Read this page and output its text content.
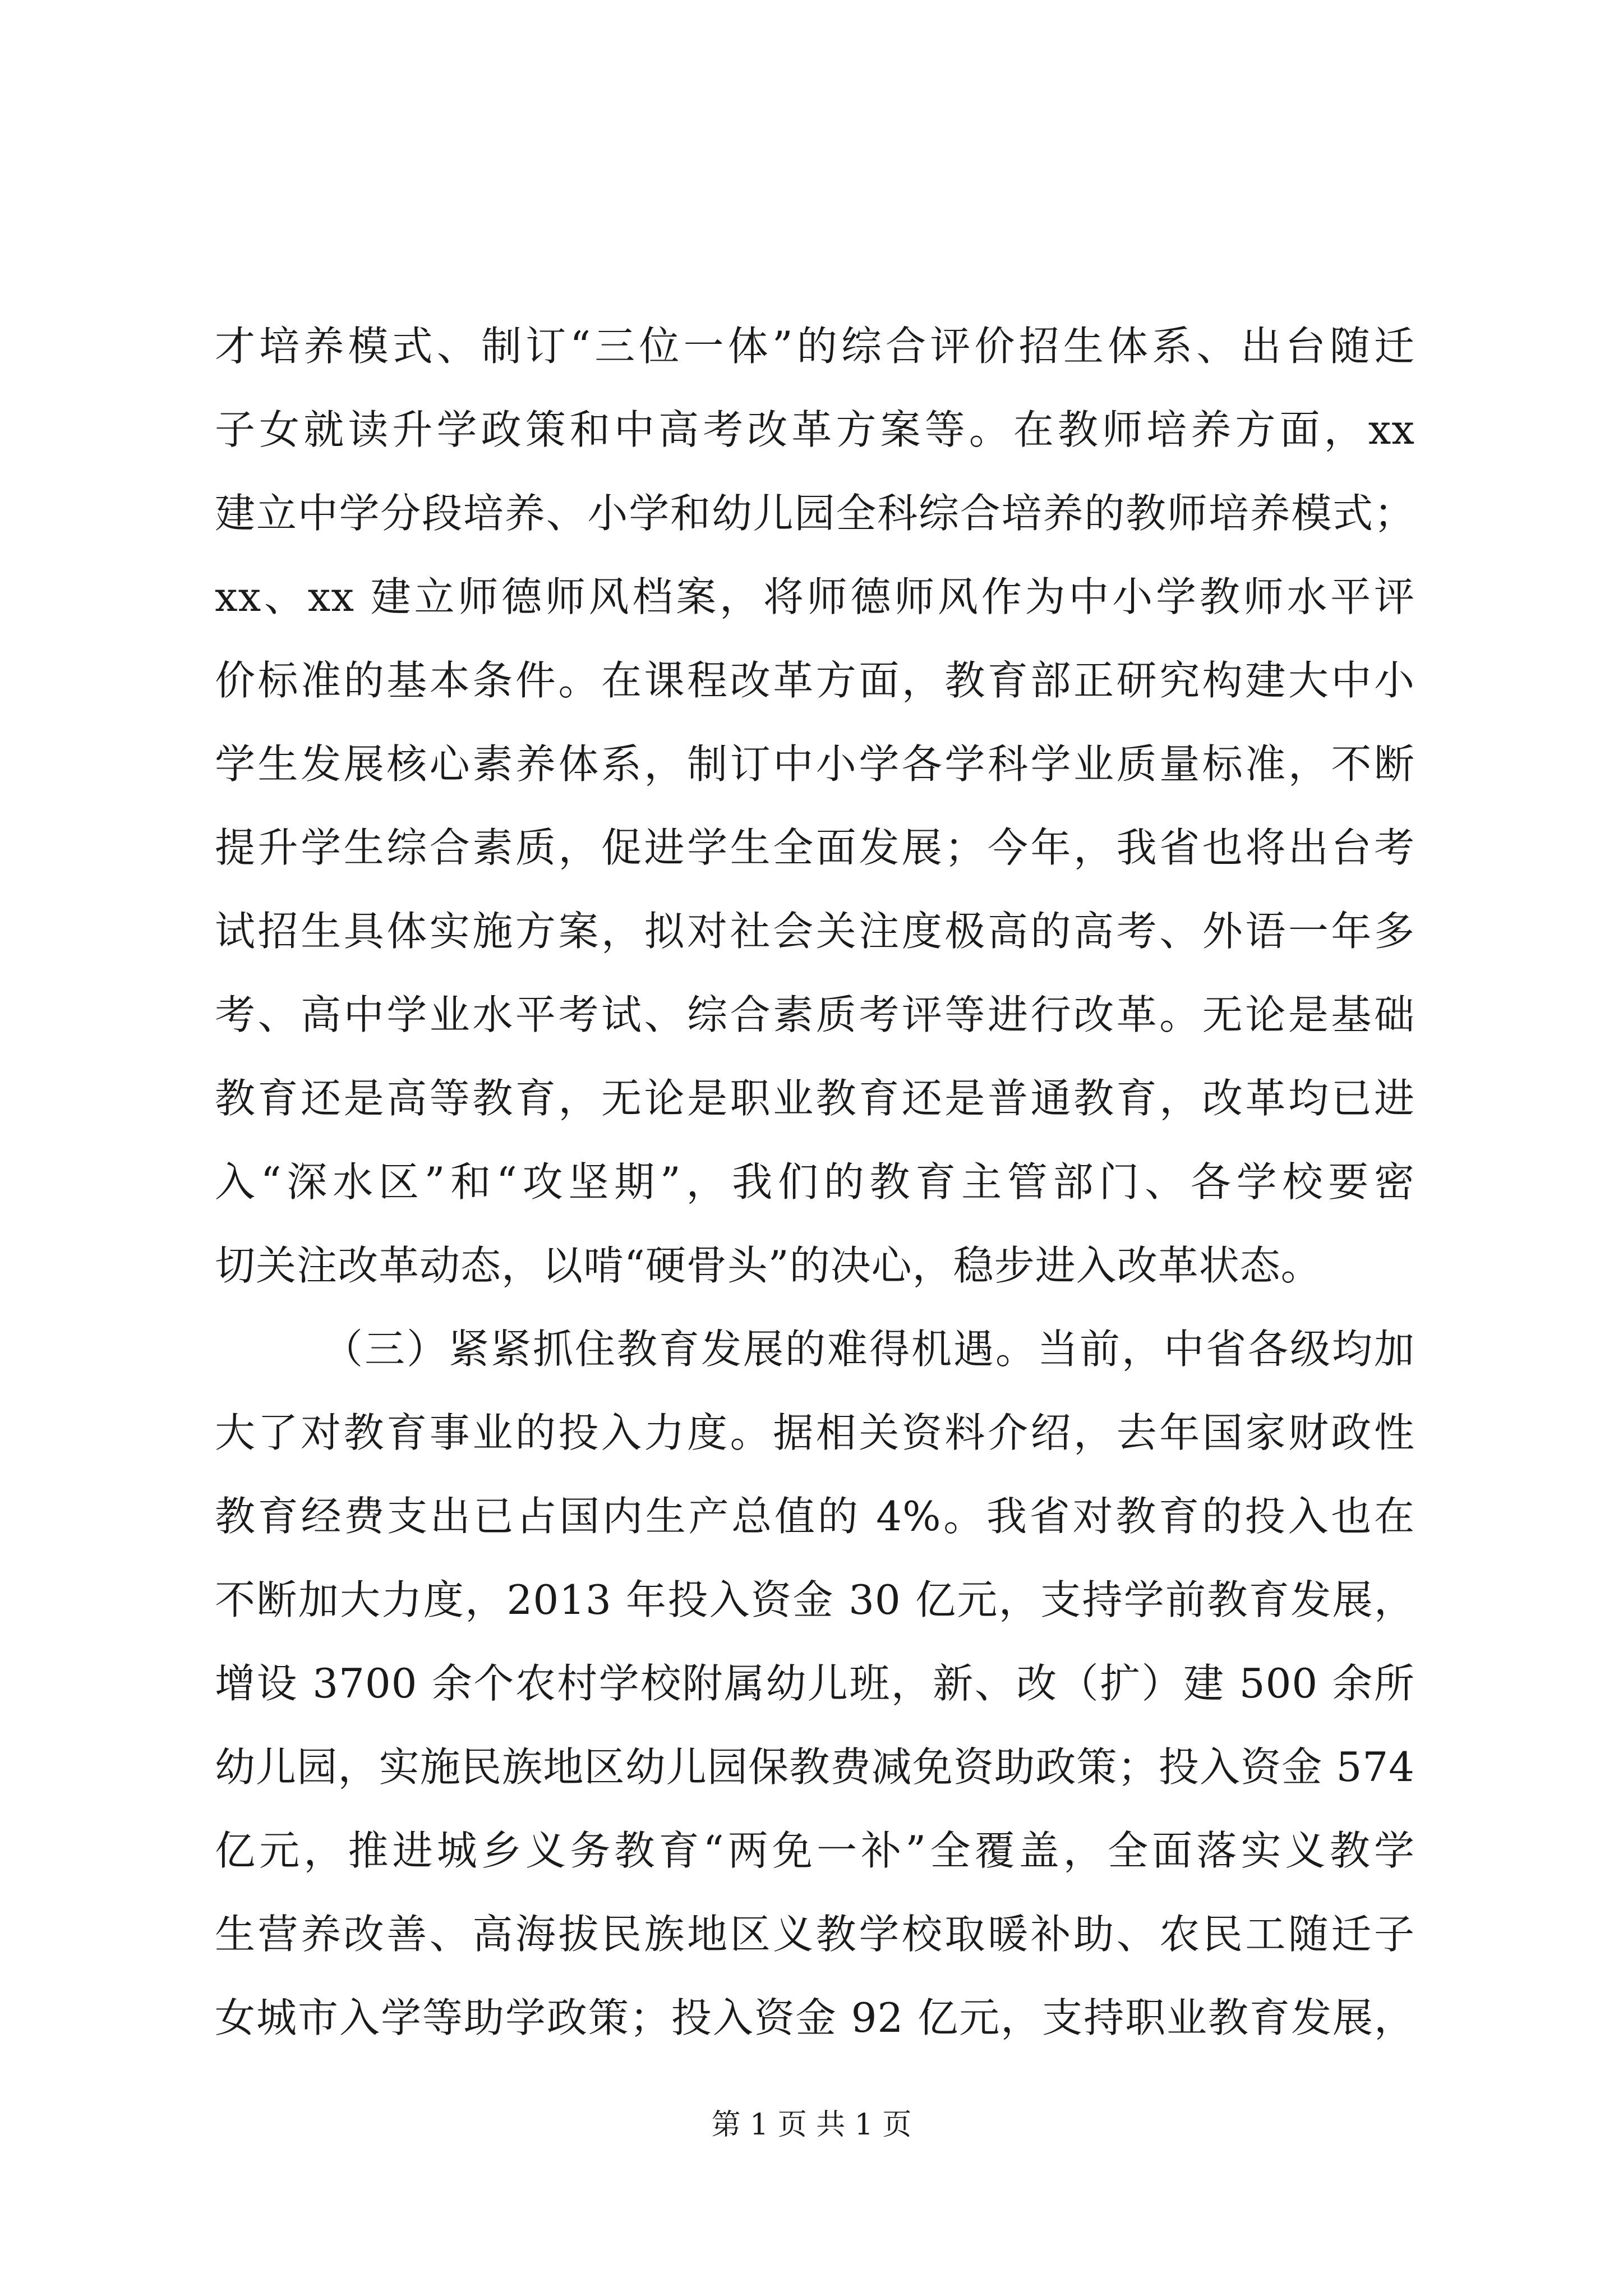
才培养模式、制订“三位一体”的综合评价招生体系、出台随迁
子女就读升学政策和中高考改革方案等。在教师培养方面，xx
建立中学分段培养、小学和幼儿园全科综合培养的教师培养模式；
xx、xx 建立师德师风档案，将师德师风作为中小学教师水平评
价标准的基本条件。在课程改革方面，教育部正研究构建大中小
学生发展核心素养体系，制订中小学各学科学业质量标准，不断
提升学生综合素质，促进学生全面发展；今年，我省也将出台考
试招生具体实施方案，拟对社会关注度极高的高考、外语一年多
考、高中学业水平考试、综合素质考评等进行改革。无论是基础
教育还是高等教育，无论是职业教育还是普通教育，改革均已进
入“深水区”和“攻坚期”，我们的教育主管部门、各学校要密
切关注改革动态，以啃“硬骨头”的决心，稳步进入改革状态。
（三）紧紧抓住教育发展的难得机遇。当前，中省各级均加
大了对教育事业的投入力度。据相关资料介绍，去年国家财政性
教育经费支出已占国内生产总值的 4%。我省对教育的投入也在
不断加大力度，2013 年投入资金 30 亿元，支持学前教育发展，
增设 3700 余个农村学校附属幼儿班，新、改（扩）建 500 余所
幼儿园，实施民族地区幼儿园保教费减免资助政策；投入资金 574
亿元，推进城乡义务教育“两免一补”全覆盖，全面落实义教学
生营养改善、高海拔民族地区义教学校取暖补助、农民工随迁子
女城市入学等助学政策；投入资金 92 亿元，支持职业教育发展，
第 1 页 共 1 页
